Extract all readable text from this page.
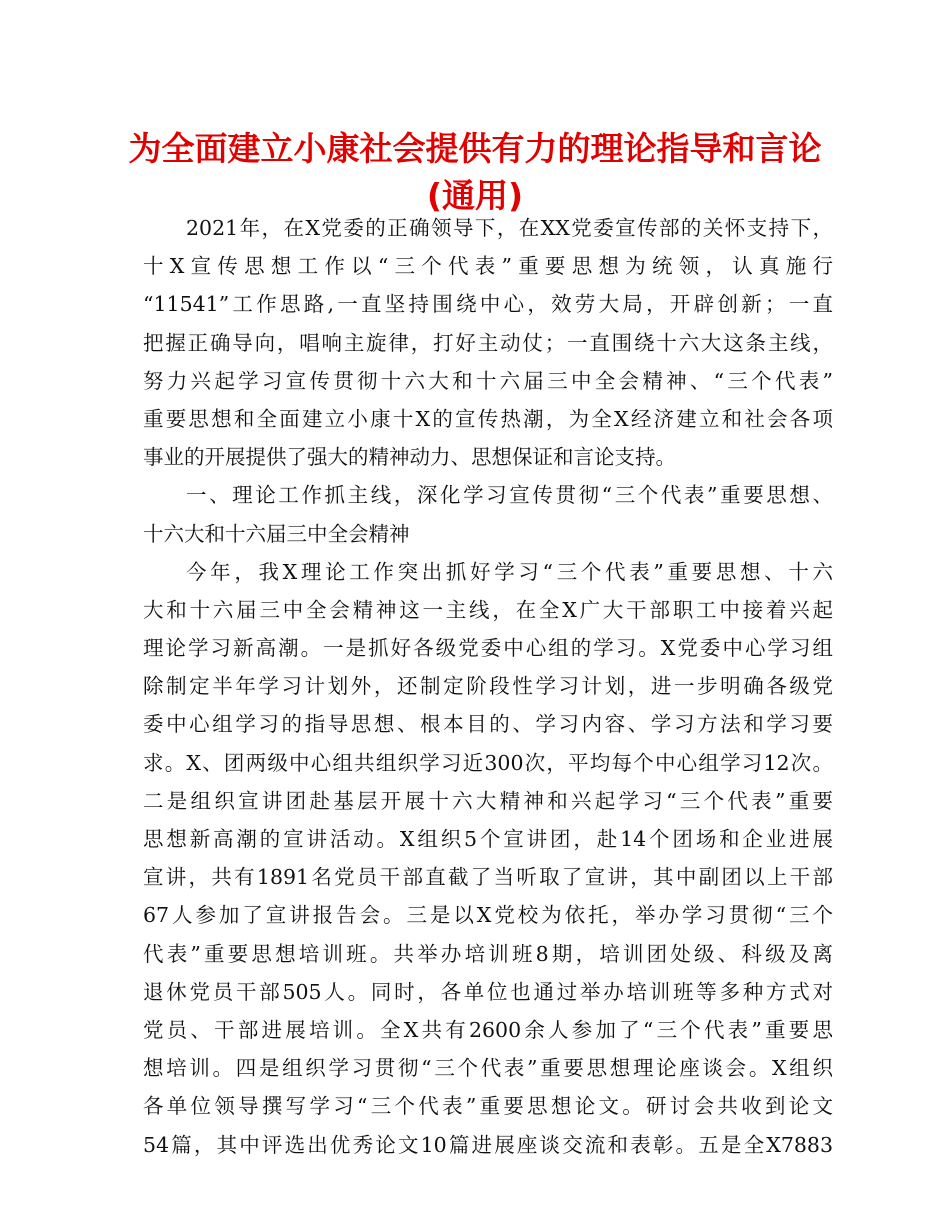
为全面建立小康社会提供有力的理论指导和言论
(通用)
2021年，在X党委的正确领导下，在XX党委宣传部的关怀支持下，
十X宣传思想工作以“三个代表”重要思想为统领，认真施行
“11541”工作思路,一直坚持围绕中心，效劳大局，开辟创新；一直
把握正确导向，唱响主旋律，打好主动仗；一直围绕十六大这条主线，
努力兴起学习宣传贯彻十六大和十六届三中全会精神、“三个代表”
重要思想和全面建立小康十X的宣传热潮，为全X经济建立和社会各项
事业的开展提供了强大的精神动力、思想保证和言论支持。
一、理论工作抓主线，深化学习宣传贯彻“三个代表”重要思想、
十六大和十六届三中全会精神
今年，我X理论工作突出抓好学习“三个代表”重要思想、十六
大和十六届三中全会精神这一主线，在全X广大干部职工中接着兴起
理论学习新高潮。一是抓好各级党委中心组的学习。X党委中心学习组
除制定半年学习计划外，还制定阶段性学习计划，进一步明确各级党
委中心组学习的指导思想、根本目的、学习内容、学习方法和学习要
求。X、团两级中心组共组织学习近300次，平均每个中心组学习12次。
二是组织宣讲团赴基层开展十六大精神和兴起学习“三个代表”重要
思想新高潮的宣讲活动。X组织5个宣讲团，赴14个团场和企业进展
宣讲，共有1891名党员干部直截了当听取了宣讲，其中副团以上干部
67人参加了宣讲报告会。三是以X党校为依托，举办学习贯彻“三个
代表”重要思想培训班。共举办培训班8期，培训团处级、科级及离
退休党员干部505人。同时，各单位也通过举办培训班等多种方式对
党员、干部进展培训。全X共有2600余人参加了“三个代表”重要思
想培训。四是组织学习贯彻“三个代表”重要思想理论座谈会。X组织
各单位领导撰写学习“三个代表”重要思想论文。研讨会共收到论文
54篇，其中评选出优秀论文10篇进展座谈交流和表彰。五是全X7883
